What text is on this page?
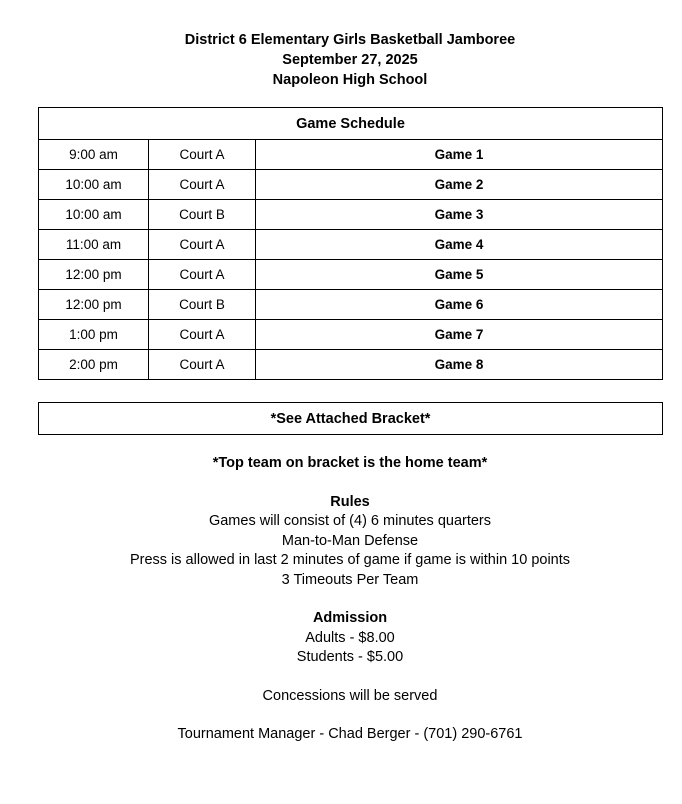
District 6 Elementary Girls Basketball Jamboree
September 27, 2025
Napoleon High School
Game Schedule		
9:00 am	Court A	Game 1
10:00 am	Court A	Game 2
10:00 am	Court B	Game 3
11:00 am	Court A	Game 4
12:00 pm	Court A	Game 5
12:00 pm	Court B	Game 6
1:00 pm	Court A	Game 7
2:00 pm	Court A	Game 8
*See Attached Bracket*
*Top team on bracket is the home team*
Rules
Games will consist of (4) 6 minutes quarters
Man-to-Man Defense
Press is allowed in last 2 minutes of game if game is within 10 points
3 Timeouts Per Team
Admission
Adults - $8.00
Students - $5.00
Concessions will be served
Tournament Manager - Chad Berger - (701) 290-6761
